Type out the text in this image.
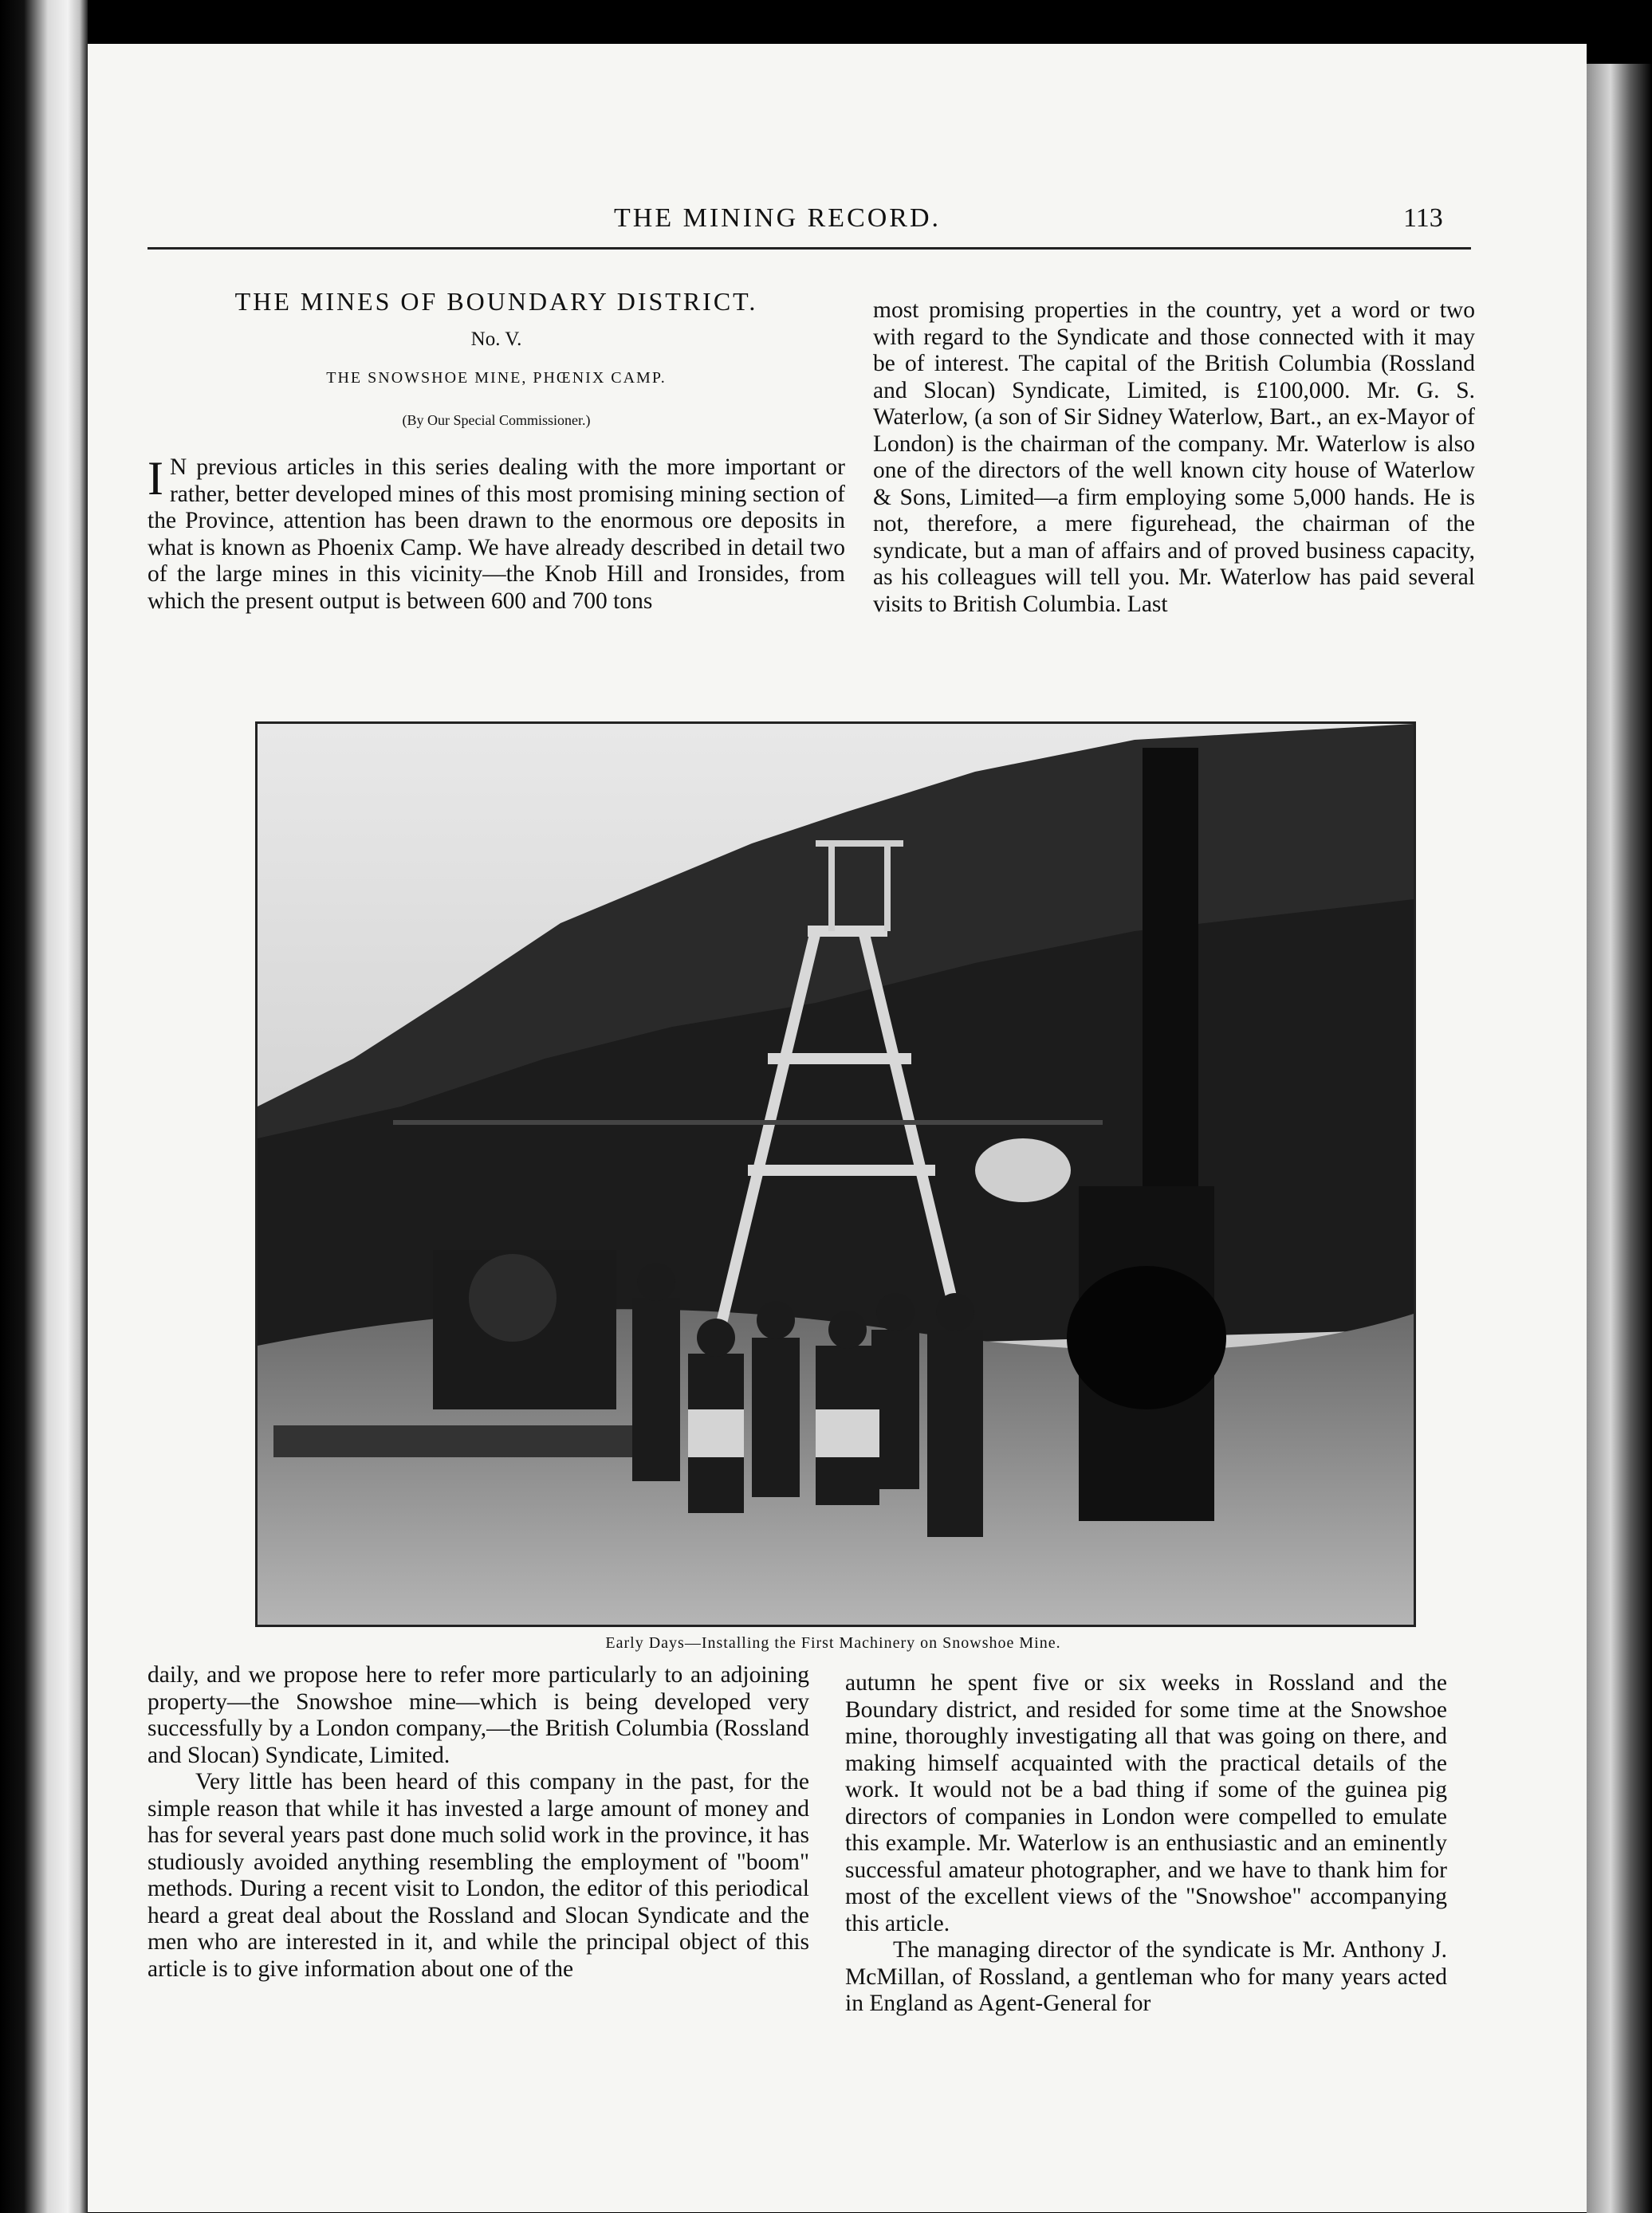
THE MINING RECORD.	113
THE MINES OF BOUNDARY DISTRICT.
No. V.
THE SNOWSHOE MINE, PHŒNIX CAMP.
(By Our Special Commissioner.)

I N previous articles in this series dealing with the more important or rather, better developed mines of this most promising mining section of the Province, attention has been drawn to the enormous ore deposits in what is known as Phoenix Camp. We have already described in detail two of the large mines in this vicinity—the Knob Hill and Ironsides, from which the present output is between 600 and 700 tons

most promising properties in the country, yet a word or two with regard to the Syndicate and those connected with it may be of interest. The capital of the British Columbia (Rossland and Slocan) Syndicate, Limited, is £100,000. Mr. G. S. Waterlow, (a son of Sir Sidney Waterlow, Bart., an ex-Mayor of London) is the chairman of the company. Mr. Waterlow is also one of the directors of the well known city house of Waterlow & Sons, Limited—a firm employing some 5,000 hands. He is not, therefore, a mere figurehead, the chairman of the syndicate, but a man of affairs and of proved business capacity, as his colleagues will tell you. Mr. Waterlow has paid several visits to British Columbia. Last

Early Days—Installing the First Machinery on Snowshoe Mine.

daily, and we propose here to refer more particularly to an adjoining property—the Snowshoe mine—which is being developed very successfully by a London company,—the British Columbia (Rossland and Slocan) Syndicate, Limited.

Very little has been heard of this company in the past, for the simple reason that while it has invested a large amount of money and has for several years past done much solid work in the province, it has studiously avoided anything resembling the employment of "boom" methods. During a recent visit to London, the editor of this periodical heard a great deal about the Rossland and Slocan Syndicate and the men who are interested in it, and while the principal object of this article is to give information about one of the

autumn he spent five or six weeks in Rossland and the Boundary district, and resided for some time at the Snowshoe mine, thoroughly investigating all that was going on there, and making himself acquainted with the practical details of the work. It would not be a bad thing if some of the guinea pig directors of companies in London were compelled to emulate this example. Mr. Waterlow is an enthusiastic and an eminently successful amateur photographer, and we have to thank him for most of the excellent views of the "Snowshoe" accompanying this article.

The managing director of the syndicate is Mr. Anthony J. McMillan, of Rossland, a gentleman who for many years acted in England as Agent-General for
